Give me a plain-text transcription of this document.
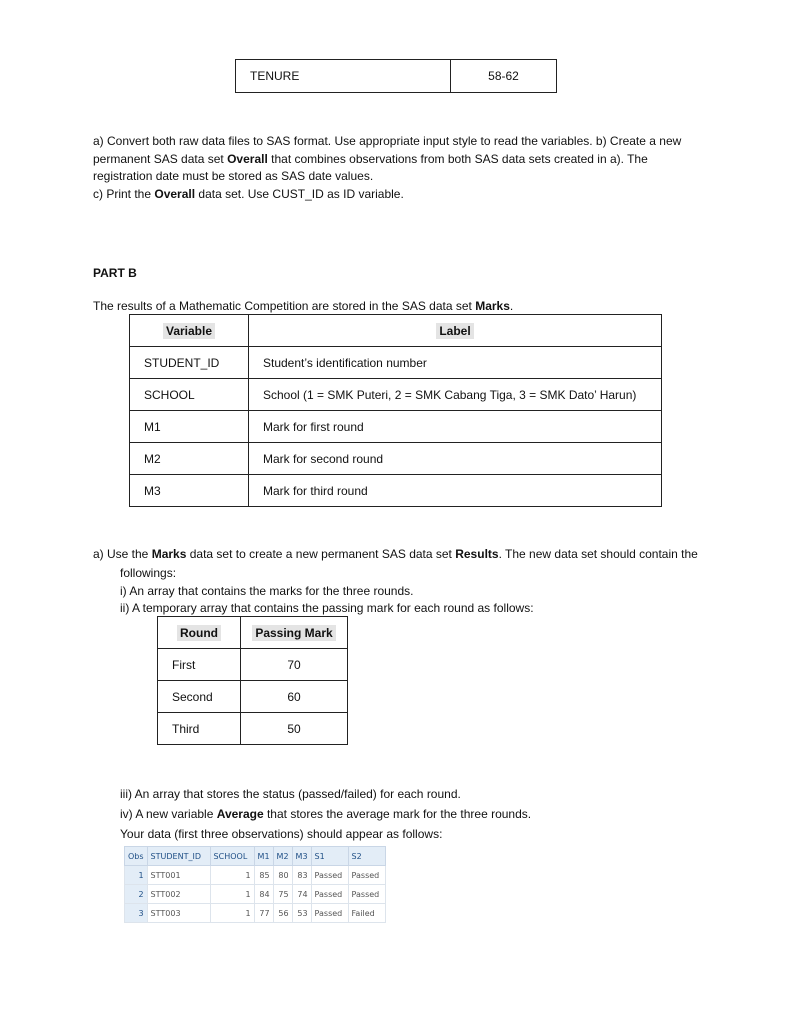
TENURE	58-62
a) Convert both raw data files to SAS format. Use appropriate input style to read the variables. b) Create a new
permanent SAS data set Overall that combines observations from both SAS data sets created in a). The
registration date must be stored as SAS date values.
c) Print the Overall data set. Use CUST_ID as ID variable.
PART B
The results of a Mathematic Competition are stored in the SAS data set Marks.
Variable	Label
STUDENT_ID	Student’s identification number
SCHOOL	School (1 = SMK Puteri, 2 = SMK Cabang Tiga, 3 = SMK Dato’ Harun)
M1	Mark for first round
M2	Mark for second round
M3	Mark for third round
a) Use the Marks data set to create a new permanent SAS data set Results. The new data set should contain the
followings:
i) An array that contains the marks for the three rounds.
ii) A temporary array that contains the passing mark for each round as follows:
Round	Passing Mark
First	70
Second	60
Third	50
iii) An array that stores the status (passed/failed) for each round.
iv) A new variable Average that stores the average mark for the three rounds.
Your data (first three observations) should appear as follows:
Obs	STUDENT_ID	SCHOOL	M1	M2	M3	S1	S2
1	STT001	1	85	80	83	Passed	Passed
2	STT002	1	84	75	74	Passed	Passed
3	STT003	1	77	56	53	Passed	Failed
